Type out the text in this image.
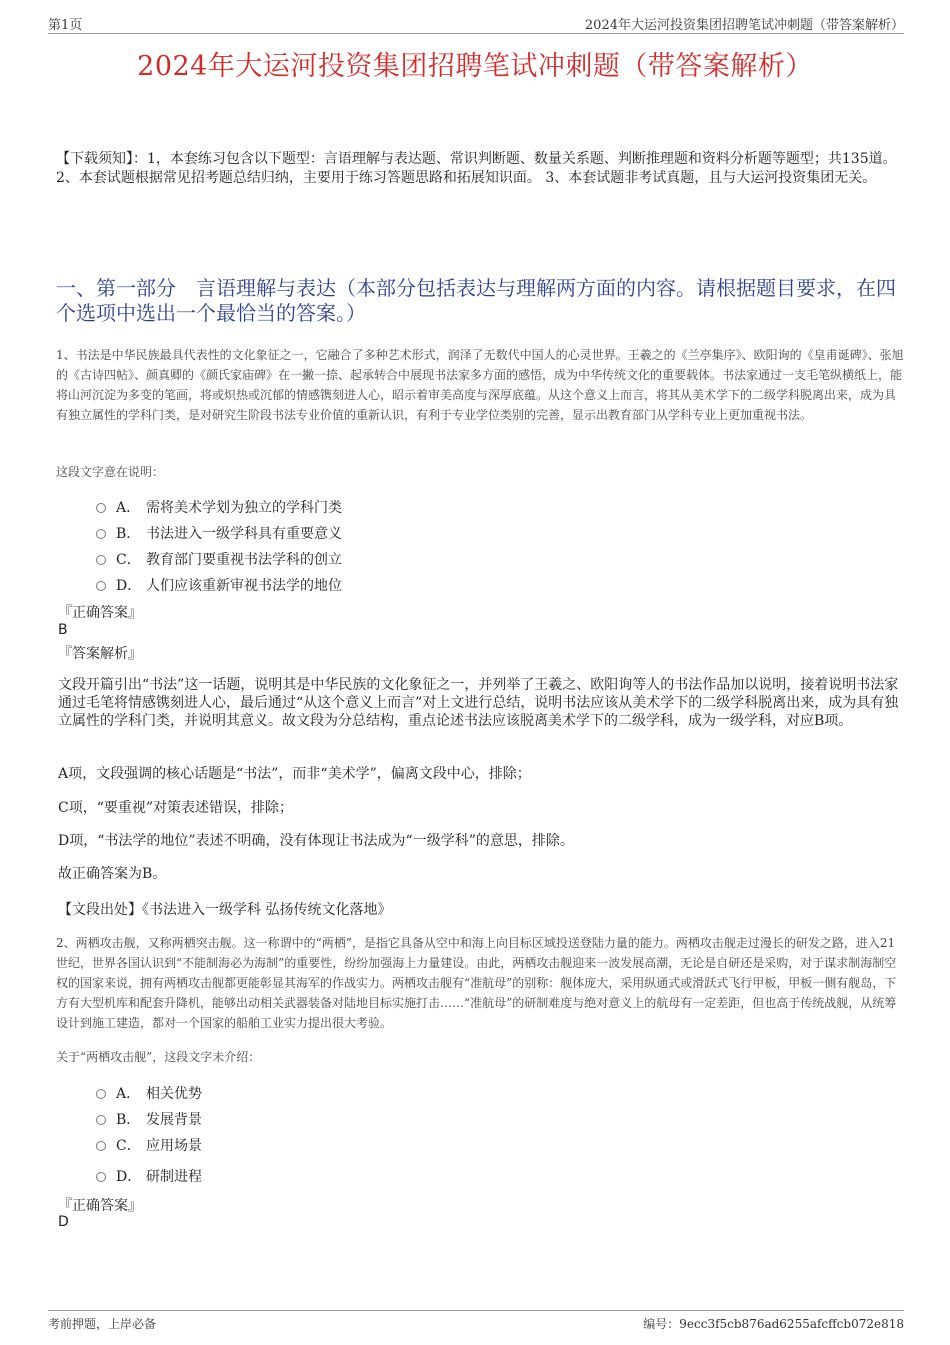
第1页	2024年大运河投资集团招聘笔试冲刺题（带答案解析）
2024年大运河投资集团招聘笔试冲刺题（带答案解析）
【下载须知】：1，本套练习包含以下题型：言语理解与表达题、常识判断题、数量关系题、判断推理题和资料分析题等题型；共135道。 2、本套试题根据常见招考题总结归纳，主要用于练习答题思路和拓展知识面。 3、本套试题非考试真题，且与大运河投资集团无关。
一、第一部分　言语理解与表达（本部分包括表达与理解两方面的内容。请根据题目要求，在四个选项中选出一个最恰当的答案。）
1、书法是中华民族最具代表性的文化象征之一，它融合了多种艺术形式，润泽了无数代中国人的心灵世界。王羲之的《兰亭集序》、欧阳询的《皇甫诞碑》、张旭的《古诗四帖》、颜真卿的《颜氏家庙碑》在一撇一捺、起承转合中展现书法家多方面的感悟，成为中华传统文化的重要载体。书法家通过一支毛笔纵横纸上，能将山河沉淀为多变的笔画，将或炽热或沉郁的情感镌刻进人心，昭示着审美高度与深厚底蕴。从这个意义上而言，将其从美术学下的二级学科脱离出来，成为具有独立属性的学科门类，是对研究生阶段书法专业价值的重新认识，有利于专业学位类别的完善，显示出教育部门从学科专业上更加重视书法。
这段文字意在说明：
A． 需将美术学划为独立的学科门类
B． 书法进入一级学科具有重要意义
C． 教育部门要重视书法学科的创立
D． 人们应该重新审视书法学的地位
『正确答案』
B
『答案解析』
文段开篇引出“书法”这一话题，说明其是中华民族的文化象征之一，并列举了王羲之、欧阳询等人的书法作品加以说明，接着说明书法家通过毛笔将情感镌刻进人心，最后通过“从这个意义上而言”对上文进行总结，说明书法应该从美术学下的二级学科脱离出来，成为具有独立属性的学科门类，并说明其意义。故文段为分总结构，重点论述书法应该脱离美术学下的二级学科，成为一级学科，对应B项。
A项，文段强调的核心话题是“书法”，而非“美术学”，偏离文段中心，排除；
C项，“要重视”对策表述错误，排除；
D项，“书法学的地位”表述不明确，没有体现让书法成为“一级学科”的意思，排除。
故正确答案为B。
【文段出处】《书法进入一级学科 弘扬传统文化落地》
2、两栖攻击舰，又称两栖突击舰。这一称谓中的“两栖”，是指它具备从空中和海上向目标区域投送登陆力量的能力。两栖攻击舰走过漫长的研发之路，进入21世纪，世界各国认识到“不能制海必为海制”的重要性，纷纷加强海上力量建设。由此，两栖攻击舰迎来一波发展高潮，无论是自研还是采购，对于谋求制海制空权的国家来说，拥有两栖攻击舰都更能彰显其海军的作战实力。两栖攻击舰有“准航母”的别称：舰体庞大，采用纵通式或滑跃式飞行甲板，甲板一侧有舰岛，下方有大型机库和配套升降机，能够出动相关武器装备对陆地目标实施打击……“准航母”的研制难度与绝对意义上的航母有一定差距，但也高于传统战舰，从统筹设计到施工建造，都对一个国家的船舶工业实力提出很大考验。
关于“两栖攻击舰”，这段文字未介绍：
A． 相关优势
B． 发展背景
C． 应用场景
D． 研制进程
『正确答案』
D
考前押题，上岸必备	编号：9ecc3f5cb876ad6255afcffcb072e818
